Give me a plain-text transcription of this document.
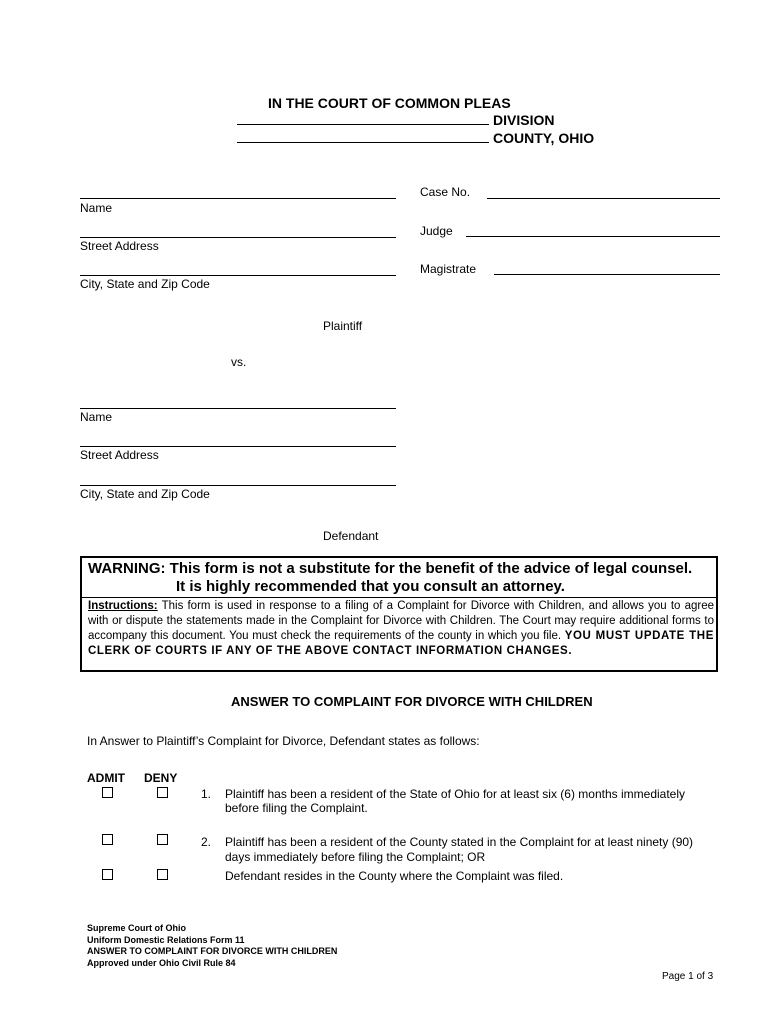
IN THE COURT OF COMMON PLEAS
DIVISION
COUNTY, OHIO
Name
Street Address
City, State and Zip Code
Plaintiff
Case No.
Judge
Magistrate
vs.
Name
Street Address
City, State and Zip Code
Defendant
WARNING: This form is not a substitute for the benefit of the advice of legal counsel.
It is highly recommended that you consult an attorney.
Instructions: This form is used in response to a filing of a Complaint for Divorce with Children, and allows you to agree with or dispute the statements made in the Complaint for Divorce with Children. The Court may require additional forms to accompany this document. You must check the requirements of the county in which you file. YOU MUST UPDATE THE CLERK OF COURTS IF ANY OF THE ABOVE CONTACT INFORMATION CHANGES.
ANSWER TO COMPLAINT FOR DIVORCE WITH CHILDREN
In Answer to Plaintiff’s Complaint for Divorce, Defendant states as follows:
ADMIT DENY
1. Plaintiff has been a resident of the State of Ohio for at least six (6) months immediately
before filing the Complaint.
2. Plaintiff has been a resident of the County stated in the Complaint for at least ninety (90)
days immediately before filing the Complaint; OR
Defendant resides in the County where the Complaint was filed.
Supreme Court of Ohio
Uniform Domestic Relations Form 11
ANSWER TO COMPLAINT FOR DIVORCE WITH CHILDREN
Approved under Ohio Civil Rule 84
Page 1 of 3
